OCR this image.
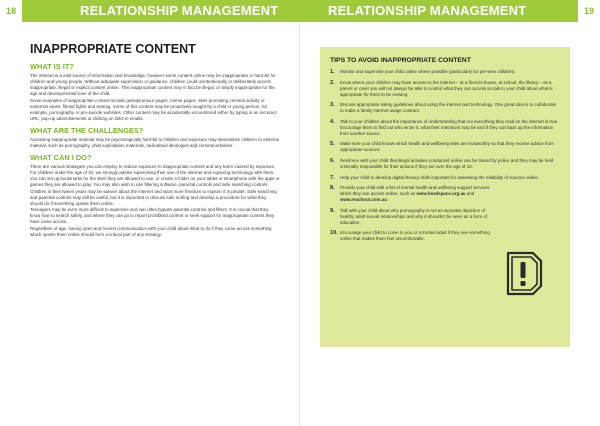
18	RELATIONSHIP MANAGEMENT	RELATIONSHIP MANAGEMENT	19
INAPPROPRIATE CONTENT
WHAT IS IT?

The internet is a vast source of information and knowledge, however some content online may be inappropriate or harmful for children and young people. Without adequate supervision or guidance, children could unintentionally or deliberately access inappropriate, illegal or explicit content online. This inappropriate content may in fact be illegal, or simply inappropriate for the age and developmental level of the child.

Some examples of inappropriate content include gossip/rumour pages, meme pages, sites promoting criminal activity or extremist views, filmed fights and sexting. Some of this content may be proactively sought by a child or young person, for example, pornography or pro-suicide websites. Other content may be accidentally encountered either by typing in an incorrect URL, pop-up advertisements or clicking on links in emails.

WHAT ARE THE CHALLENGES?

Accessing inappropriate material may be psychologically harmful to children and exposure may desensitise children to extreme material, such as pornography, child exploitation materials, radicalised ideologies and criminal activities.

WHAT CAN I DO?

There are various strategies you can employ to reduce exposure to inappropriate content and any harm caused by exposure.

For children under the age of 10, we strongly advise supervising their use of the internet and exploring technology with them. You can set up bookmarks for the sites they are allowed to use, or create a folder on your tablet or smartphone with the apps or games they are allowed to play. You may also wish to use filtering software, parental controls and safe searching controls.

Children in their tween years may be savvier about the internet and want more freedom to explore it in private. Safe searching and parental controls may still be useful, but it is important to discuss safe surfing and develop a procedure for what they should do if something upsets them online.

Teenagers may be even more difficult to supervise and can often bypass parental controls and filters. It is crucial that they know how to search safely, and where they can go to report prohibited content or seek support for inappropriate content they have come across.

Regardless of age, having open and honest communication with your child about what to do if they come across something which upsets them online should form a critical part of any strategy.

TIPS TO AVOID INAPPROPRIATE CONTENT
1.	Monitor and supervise your child online where possible (particularly for pre-teen children).
2.	Know where your children may have access to the internet – at a friend's house, at school, the library – as a parent or carer you will not always be able to control what they can access so talk to your child about what is appropriate for them to be viewing.
3.	Discuss appropriate safety guidelines about using the internet and technology. One great idea is to collaborate to make a family internet usage contract.
4.	Talk to your children about the importance of understanding that not everything they read on the internet is true. Encourage them to find out who wrote it, what their intentions may be and if they can back up the information from another source.
5.	Make sure your child knows which health and wellbeing sites are trustworthy so that they receive advice from appropriate sources.
6.	Reinforce with your child that illegal activities conducted online can be traced by police and they may be held criminally responsible for their actions if they are over the age of 10.
7.	Help your child to develop digital literacy skills important for assessing the reliability of sources online.
8.	Provide your child with a list of mental health and wellbeing support services which they can access online, such as www.headspace.org.au and www.reachout.com.au.
9.	Talk with your child about why pornography is not an accurate depiction of healthy adult sexual relationships and why it shouldn't be seen as a form of education.
10. Encourage your child to come to you or a trusted adult if they see something online that makes them feel uncomfortable.
